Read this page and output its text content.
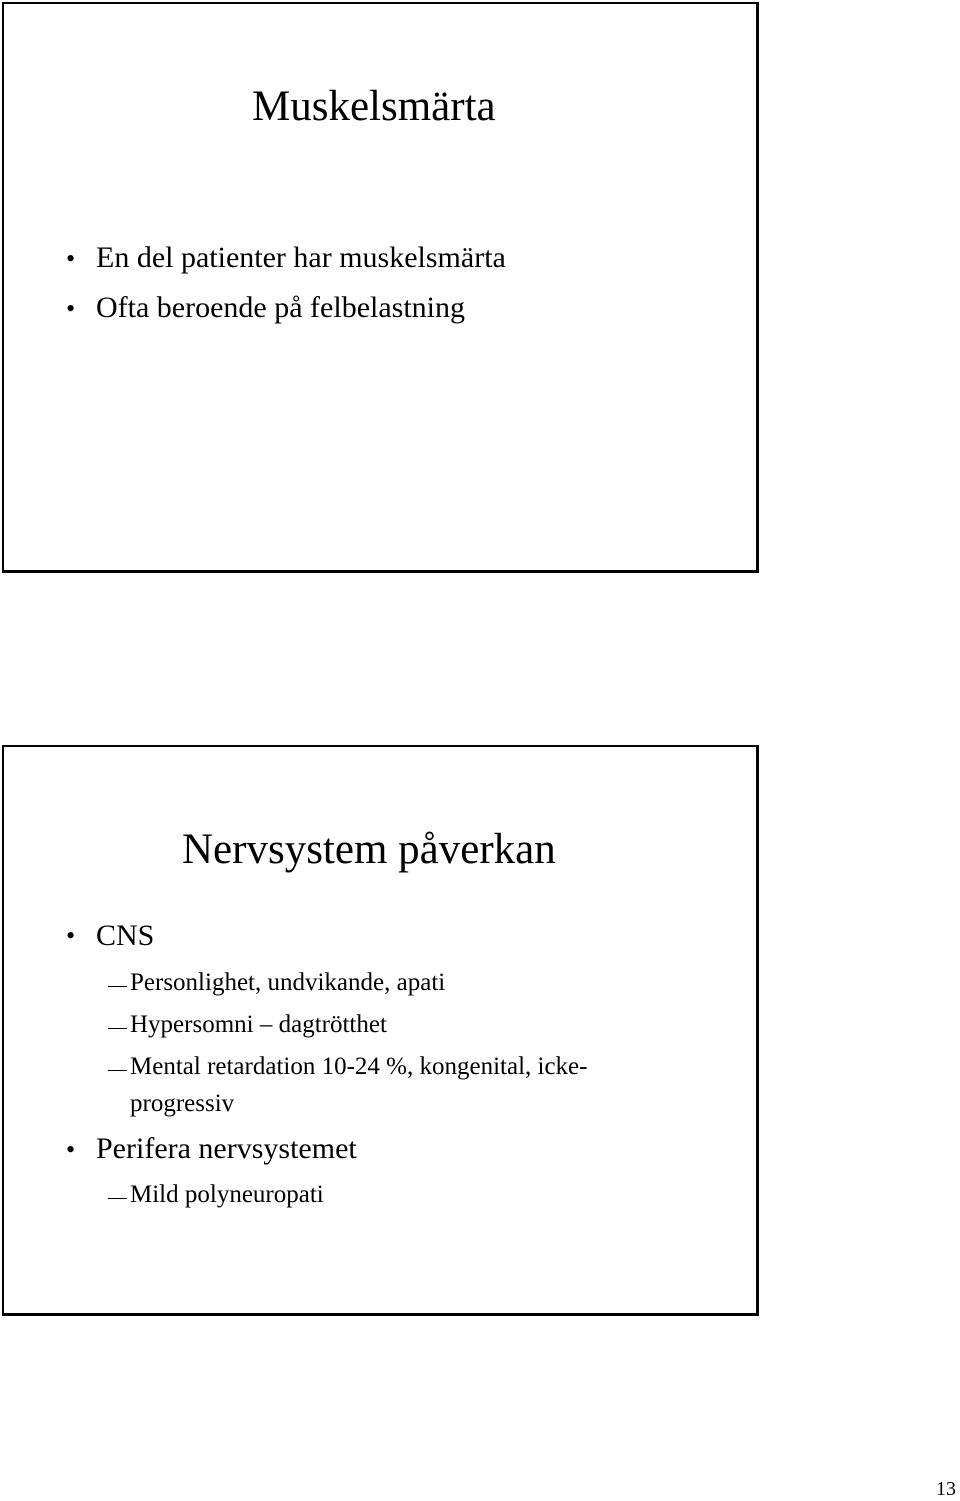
Muskelsmärta
• En del patienter har muskelsmärta
• Ofta beroende på felbelastning
Nervsystem påverkan
• CNS
Personlighet, undvikande, apati
Hypersomni – dagtrötthet
Mental retardation 10-24 %, kongenital, icke-
progressiv
• Perifera nervsystemet
Mild polyneuropati
13
